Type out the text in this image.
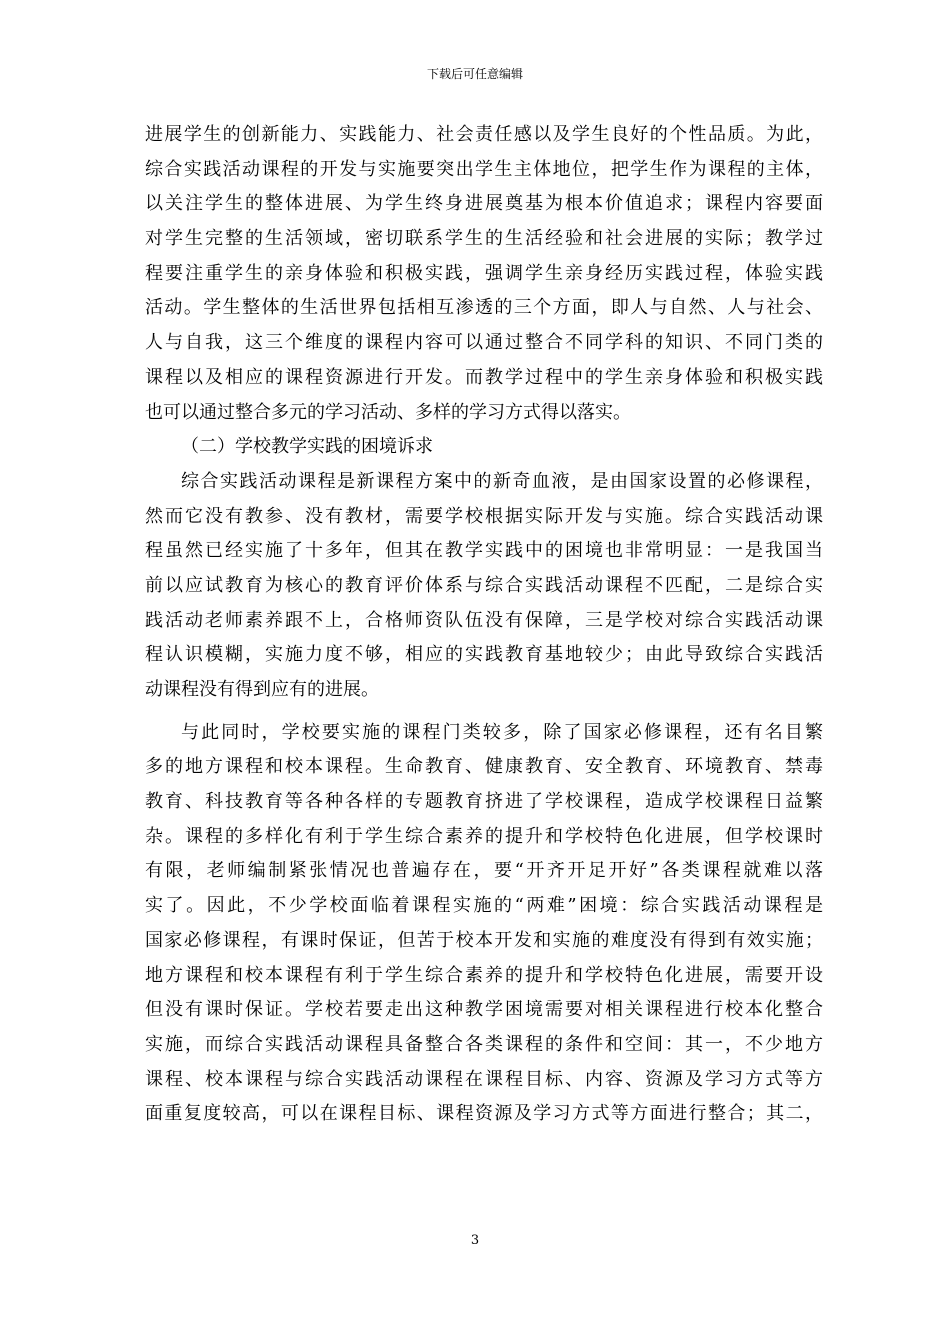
下载后可任意编辑
进展学生的创新能力、实践能力、社会责任感以及学生良好的个性品质。为此，
综合实践活动课程的开发与实施要突出学生主体地位，把学生作为课程的主体，
以关注学生的整体进展、为学生终身进展奠基为根本价值追求；课程内容要面
对学生完整的生活领域，密切联系学生的生活经验和社会进展的实际；教学过
程要注重学生的亲身体验和积极实践，强调学生亲身经历实践过程，体验实践
活动。学生整体的生活世界包括相互渗透的三个方面，即人与自然、人与社会、
人与自我，这三个维度的课程内容可以通过整合不同学科的知识、不同门类的
课程以及相应的课程资源进行开发。而教学过程中的学生亲身体验和积极实践
也可以通过整合多元的学习活动、多样的学习方式得以落实。
（二）学校教学实践的困境诉求
综合实践活动课程是新课程方案中的新奇血液，是由国家设置的必修课程，
然而它没有教参、没有教材，需要学校根据实际开发与实施。综合实践活动课
程虽然已经实施了十多年，但其在教学实践中的困境也非常明显：一是我国当
前以应试教育为核心的教育评价体系与综合实践活动课程不匹配，二是综合实
践活动老师素养跟不上，合格师资队伍没有保障，三是学校对综合实践活动课
程认识模糊，实施力度不够，相应的实践教育基地较少；由此导致综合实践活
动课程没有得到应有的进展。
与此同时，学校要实施的课程门类较多，除了国家必修课程，还有名目繁
多的地方课程和校本课程。生命教育、健康教育、安全教育、环境教育、禁毒
教育、科技教育等各种各样的专题教育挤进了学校课程，造成学校课程日益繁
杂。课程的多样化有利于学生综合素养的提升和学校特色化进展，但学校课时
有限，老师编制紧张情况也普遍存在，要“开齐开足开好”各类课程就难以落
实了。因此，不少学校面临着课程实施的“两难”困境：综合实践活动课程是
国家必修课程，有课时保证，但苦于校本开发和实施的难度没有得到有效实施；
地方课程和校本课程有利于学生综合素养的提升和学校特色化进展，需要开设
但没有课时保证。学校若要走出这种教学困境需要对相关课程进行校本化整合
实施，而综合实践活动课程具备整合各类课程的条件和空间：其一，不少地方
课程、校本课程与综合实践活动课程在课程目标、内容、资源及学习方式等方
面重复度较高，可以在课程目标、课程资源及学习方式等方面进行整合；其二，
3
